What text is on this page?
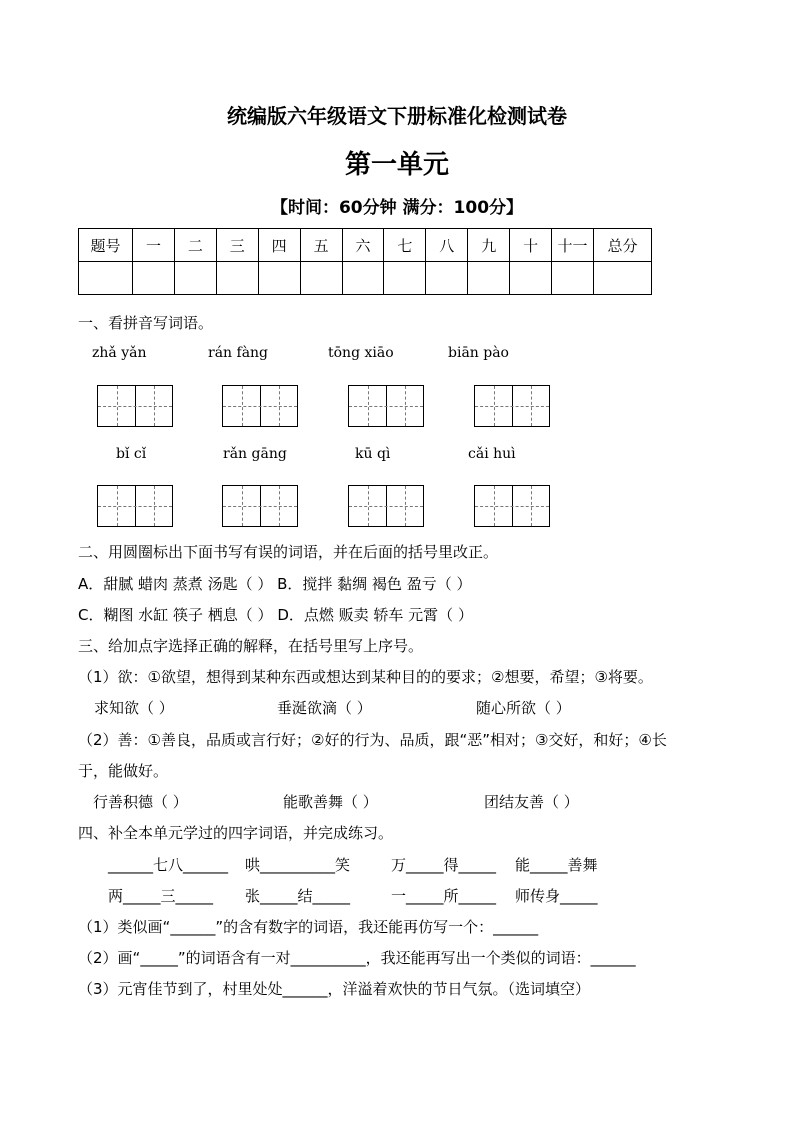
统编版六年级语文下册标准化检测试卷
第一单元
【时间：60分钟 满分：100分】
题号	一	二	三	四	五	六	七	八	九	十	十一	总分

一、看拼音写词语。
zhǎ yǎn	rán fàng	tōng xiāo	biān pào
bǐ cǐ	rǎn gāng	kū qì	cǎi huì
二、用圆圈标出下面书写有误的词语，并在后面的括号里改正。
A．甜腻 蜡肉 蒸煮 汤匙（ ） B．搅拌 黏绸 褐色 盈亏（ ）
C．糊图 水缸 筷子 栖息（ ） D．点燃 贩卖 轿车 元霄（ ）
三、给加点字选择正确的解释，在括号里写上序号。
（1）欲：①欲望，想得到某种东西或想达到某种目的的要求；②想要，希望；③将要。
求知欲（ ）	垂涎欲滴（ ）	随心所欲（ ）
（2）善：①善良，品质或言行好；②好的行为、品质，跟“恶”相对；③交好，和好；④长
于，能做好。
行善积德（ ）	能歌善舞（ ）	团结友善（ ）
四、补全本单元学过的四字词语，并完成练习。
______七八______ 哄__________笑	万_____得_____ 能_____善舞
两_____三_____ 张_____结_____	一_____所_____ 师传身_____
（1）类似画“______”的含有数字的词语，我还能再仿写一个：______
（2）画“_____”的词语含有一对__________，我还能再写出一个类似的词语：______
（3）元宵佳节到了，村里处处______，洋溢着欢快的节日气氛。（选词填空）
